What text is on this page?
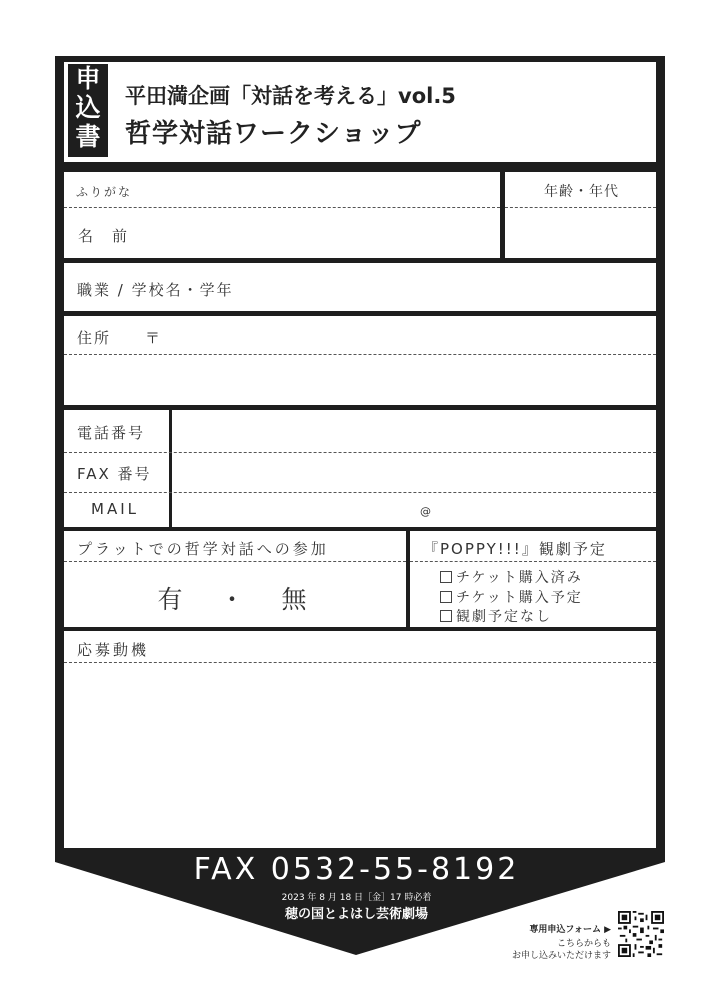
申
込
書
平田満企画「対話を考える」vol.5
哲学対話ワークショップ
ふりがな
名　前
年齢・年代
職業 / 学校名・学年
住所　　〒
電話番号
FAX 番号
MAIL	@
プラットでの哲学対話への参加
有　・　無
『POPPY!!!』観劇予定
チケット購入済み
チケット購入予定
観劇予定なし
応募動機
FAX 0532-55-8192
2023 年 8 月 18 日［金］17 時必着
穂の国とよはし芸術劇場
専用申込フォーム ▶
こちらからも
お申し込みいただけます
